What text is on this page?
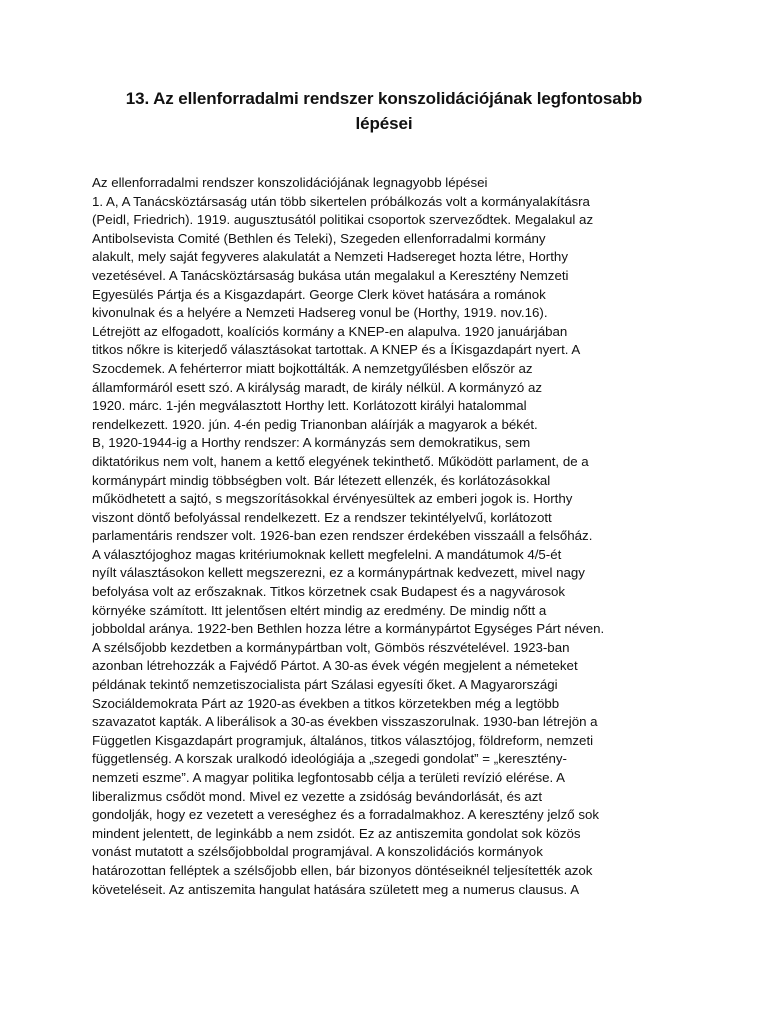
13. Az ellenforradalmi rendszer konszolidációjának legfontosabb
lépései
Az ellenforradalmi rendszer konszolidációjának legnagyobb lépései
1. A, A Tanácsköztársaság után több sikertelen próbálkozás volt a kormányalakításra
(Peidl, Friedrich). 1919. augusztusától politikai csoportok szerveződtek. Megalakul az
Antibolsevista Comité (Bethlen és Teleki), Szegeden ellenforradalmi kormány
alakult, mely saját fegyveres alakulatát a Nemzeti Hadsereget hozta létre, Horthy
vezetésével. A Tanácsköztársaság bukása után megalakul a Keresztény Nemzeti
Egyesülés Pártja és a Kisgazdapárt. George Clerk követ hatására a románok
kivonulnak és a helyére a Nemzeti Hadsereg vonul be (Horthy, 1919. nov.16).
Létrejött az elfogadott, koalíciós kormány a KNEP-en alapulva. 1920 januárjában
titkos nőkre is kiterjedő választásokat tartottak. A KNEP és a ÍKisgazdapárt nyert. A
Szocdemek. A fehérterror miatt bojkottálták. A nemzetgyűlésben először az
államformáról esett szó. A királyság maradt, de király nélkül. A kormányzó az
1920. márc. 1-jén megválasztott Horthy lett. Korlátozott királyi hatalommal
rendelkezett. 1920. jún. 4-én pedig Trianonban aláírják a magyarok a békét.
B, 1920-1944-ig a Horthy rendszer: A kormányzás sem demokratikus, sem
diktatórikus nem volt, hanem a kettő elegyének tekinthető. Működött parlament, de a
kormánypárt mindig többségben volt. Bár létezett ellenzék, és korlátozásokkal
működhetett a sajtó, s megszorításokkal érvényesültek az emberi jogok is. Horthy
viszont döntő befolyással rendelkezett. Ez a rendszer tekintélyelvű, korlátozott
parlamentáris rendszer volt. 1926-ban ezen rendszer érdekében visszaáll a felsőház.
A választójoghoz magas kritériumoknak kellett megfelelni. A mandátumok 4/5-ét
nyílt választásokon kellett megszerezni, ez a kormánypártnak kedvezett, mivel nagy
befolyása volt az erőszaknak. Titkos körzetnek csak Budapest és a nagyvárosok
környéke számított. Itt jelentősen eltért mindig az eredmény. De mindig nőtt a
jobboldal aránya. 1922-ben Bethlen hozza létre a kormánypártot Egységes Párt néven.
A szélsőjobb kezdetben a kormánypártban volt, Gömbös részvételével. 1923-ban
azonban létrehozzák a Fajvédő Pártot. A 30-as évek végén megjelent a németeket
példának tekintő nemzetiszocialista párt Szálasi egyesíti őket. A Magyarországi
Szociáldemokrata Párt az 1920-as években a titkos körzetekben még a legtöbb
szavazatot kapták. A liberálisok a 30-as években visszaszorulnak. 1930-ban létrejön a
Független Kisgazdapárt programjuk, általános, titkos választójog, földreform, nemzeti
függetlenség. A korszak uralkodó ideológiája a „szegedi gondolat” = „keresztény-
nemzeti eszme”. A magyar politika legfontosabb célja a területi revízió elérése. A
liberalizmus csődöt mond. Mivel ez vezette a zsidóság bevándorlását, és azt
gondolják, hogy ez vezetett a vereséghez és a forradalmakhoz. A keresztény jelző sok
mindent jelentett, de leginkább a nem zsidót. Ez az antiszemita gondolat sok közös
vonást mutatott a szélsőjobboldal programjával. A konszolidációs kormányok
határozottan felléptek a szélsőjobb ellen, bár bizonyos döntéseiknél teljesítették azok
követeléseit. Az antiszemita hangulat hatására született meg a numerus clausus. A
